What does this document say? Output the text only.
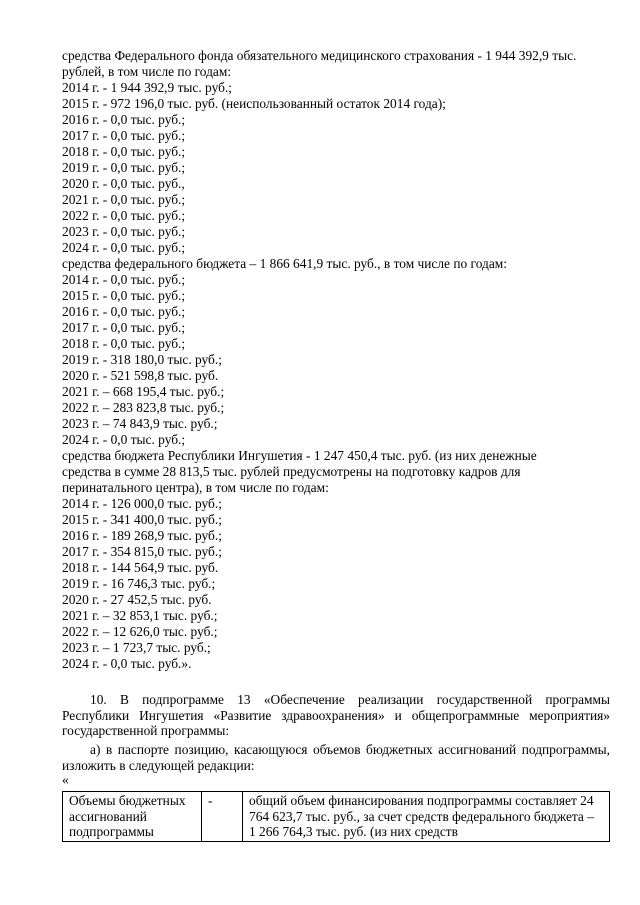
средства Федерального фонда обязательного медицинского страхования - 1 944 392,9 тыс.
рублей, в том числе по годам:
2014 г. - 1 944 392,9 тыс. руб.;
2015 г. - 972 196,0 тыс. руб. (неиспользованный остаток 2014 года);
2016 г. - 0,0 тыс. руб.;
2017 г. - 0,0 тыс. руб.;
2018 г. - 0,0 тыс. руб.;
2019 г. - 0,0 тыс. руб.;
2020 г. - 0,0 тыс. руб.,
2021 г. - 0,0 тыс. руб.;
2022 г. - 0,0 тыс. руб.;
2023 г. - 0,0 тыс. руб.;
2024 г. - 0,0 тыс. руб.;
средства федерального бюджета – 1 866 641,9 тыс. руб., в том числе по годам:
2014 г. - 0,0 тыс. руб.;
2015 г. - 0,0 тыс. руб.;
2016 г. - 0,0 тыс. руб.;
2017 г. - 0,0 тыс. руб.;
2018 г. - 0,0 тыс. руб.;
2019 г. - 318 180,0 тыс. руб.;
2020 г. - 521 598,8 тыс. руб.
2021 г. – 668 195,4 тыс. руб.;
2022 г. – 283 823,8 тыс. руб.;
2023 г. – 74 843,9 тыс. руб.;
2024 г. - 0,0 тыс. руб.;
средства бюджета Республики Ингушетия - 1 247 450,4 тыс. руб. (из них денежные
средства в сумме 28 813,5 тыс. рублей предусмотрены на подготовку кадров для
перинатального центра), в том числе по годам:
2014 г. - 126 000,0 тыс. руб.;
2015 г. - 341 400,0 тыс. руб.;
2016 г. - 189 268,9 тыс. руб.;
2017 г. - 354 815,0 тыс. руб.;
2018 г. - 144 564,9 тыс. руб.
2019 г. - 16 746,3 тыс. руб.;
2020 г. - 27 452,5 тыс. руб.
2021 г. – 32 853,1 тыс. руб.;
2022 г. – 12 626,0 тыс. руб.;
2023 г. – 1 723,7 тыс. руб.;
2024 г. - 0,0 тыс. руб.».
10. В подпрограмме 13 «Обеспечение реализации государственной программы Республики Ингушетия «Развитие здравоохранения» и общепрограммные мероприятия» государственной программы:
а) в паспорте позицию, касающуюся объемов бюджетных ассигнований подпрограммы, изложить в следующей редакции:
«
Объемы бюджетных ассигнований подпрограммы	-	общий объем финансирования подпрограммы составляет 24 764 623,7 тыс. руб., за счет средств федерального бюджета – 1 266 764,3 тыс. руб. (из них средств
